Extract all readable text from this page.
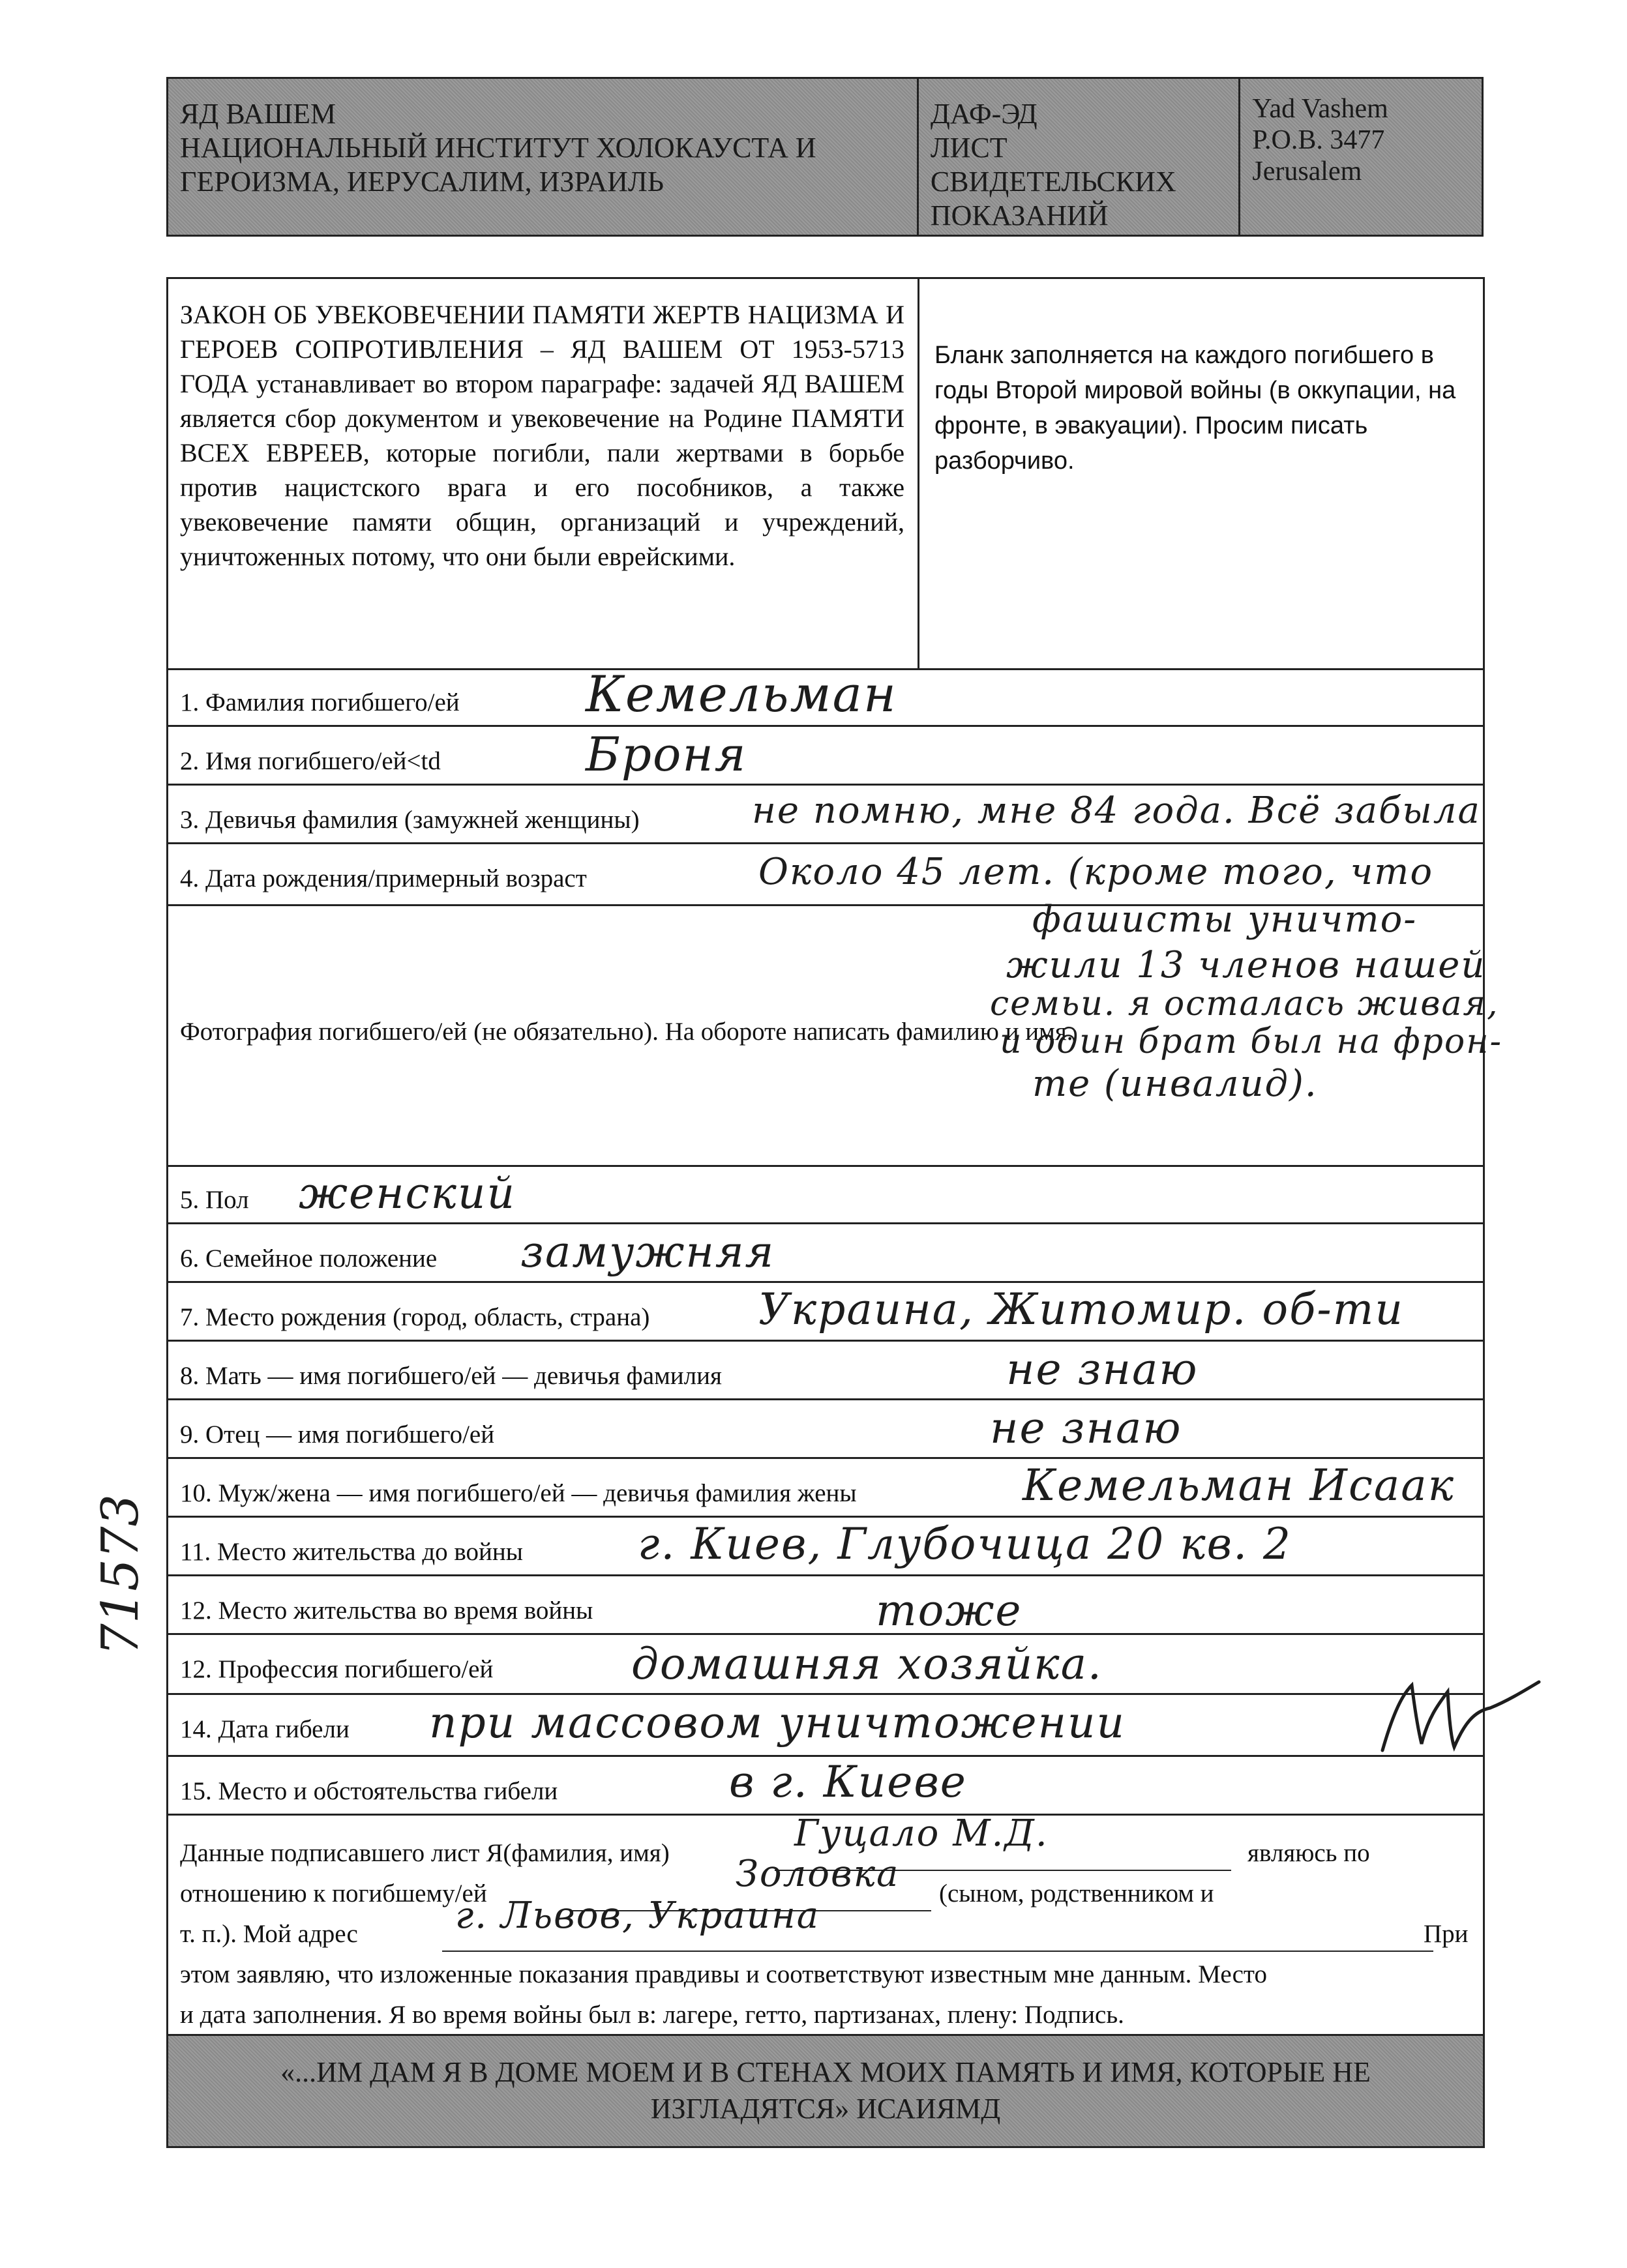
ЯД ВАШЕМ
НАЦИОНАЛЬНЫЙ ИНСТИТУТ ХОЛОКАУСТА И
ГЕРОИЗМА, ИЕРУСАЛИМ, ИЗРАИЛЬ
ДАФ-ЭД
ЛИСТ
СВИДЕТЕЛЬСКИХ
ПОКАЗАНИЙ
Yad Vashem
P.O.B. 3477
Jerusalem
ЗАКОН ОБ УВЕКОВЕЧЕНИИ ПАМЯТИ ЖЕРТВ НАЦИЗМА И ГЕРОЕВ СОПРОТИВЛЕНИЯ – ЯД ВАШЕМ ОТ 1953-5713 ГОДА устанавливает во втором параграфе: задачей ЯД ВАШЕМ является сбор документом и увековечение на Родине ПАМЯТИ ВСЕХ ЕВРЕЕВ, которые погибли, пали жертвами в борьбе против нацистского врага и его пособников, а также увековечение памяти общин, организаций и учреждений, уничтоженных потому, что они были еврейскими.
Бланк заполняется на каждого погибшего в годы Второй мировой войны (в оккупации, на фронте, в эвакуации). Просим писать разборчиво.
1. Фамилия погибшего/ей	Кемельман
2. Имя погибшего/ей<td	Броня
3. Девичья фамилия (замужней женщины)	не помню, мне 84 года. Всё забыла
4. Дата рождения/примерный возраст	Около 45 лет. (кроме того, что
Фотография погибшего/ей (не обязательно). На обороте написать фамилию и имя.
фашисты уничто-
жили 13 членов нашей
семьи. я осталась живая,
и один брат был на фрон-
те (инвалид).
5. Пол женский
6. Семейное положение замужняя
7. Место рождения (город, область, страна)	Украина, Житомир. об-ти
8. Мать — имя погибшего/ей — девичья фамилия	не знаю
9. Отец — имя погибшего/ей	не знаю
10. Муж/жена — имя погибшего/ей — девичья фамилия жены	Кемельман Исаак
11. Место жительства до войны	г. Киев, Глубочица 20 кв. 2
12. Место жительства во время войны	тоже
12. Профессия погибшего/ей	домашняя хозяйка.
14. Дата гибели при массовом уничтожении
15. Место и обстоятельства гибели	в г. Киеве
Данные подписавшего лист Я(фамилия, имя)	Гуцало М.Д.	являюсь по
отношению к погибшему/ей	Золовка (сыном, родственником и
т. п.). Мой адрес	г. Львов, Украина	При
этом заявляю, что изложенные показания правдивы и соответствуют известным мне данным. Место
и дата заполнения. Я во время войны был в: лагере, гетто, партизанах, плену: Подпись.
«...ИМ ДАМ Я В ДОМЕ МОЕМ И В СТЕНАХ МОИХ ПАМЯТЬ И ИМЯ, КОТОРЫЕ НЕ
ИЗГЛАДЯТСЯ» ИСАИЯМД
71573
